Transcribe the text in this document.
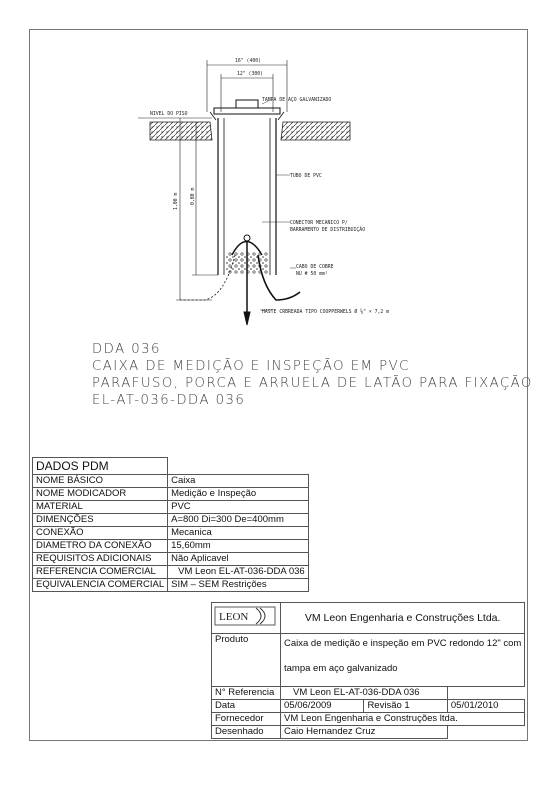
16" (400)
12" (300)
TAMPA DE AÇO GALVANIZADO
NIVEL DO PISO
TUBO DE PVC
CONECTOR MECANICO P/
BARRAMENTO DE DISTRIBUIÇÃO
CABO DE COBRE
NU # 50 mm²
HASTE CRBREADA TIPO COOPPERWELS Ø ⅝" × 7,2 m
1,00 m	0,80 m
DDA 036
CAIXA DE MEDIÇÃO E INSPEÇÃO EM PVC
PARAFUSO, PORCA E ARRUELA DE LATÃO PARA FIXAÇÃO
EL-AT-036-DDA 036
DADOS PDM	
NOME BÁSICO	Caixa
NOME MODICADOR	Medição e Inspeção
MATERIAL	PVC
DIMENÇÕES	A=800 Di=300 De=400mm
CONEXÃO	Mecanica
DIAMETRO DA CONEXÃO	15,60mm
REQUISITOS ADICIONAIS	Não Aplicavel
REFERENCIA COMERCIAL	VM Leon EL-AT-036-DDA 036
EQUIVALENCIA COMERCIAL	SIM – SEM Restrições
LEON	VM Leon Engenharia e Construções Ltda.		
Produto	Caixa de medição e inspeção em PVC redondo 12" com
tampa em aço galvanizado		

N° Referencia	VM Leon EL-AT-036-DDA 036		
Data	05/06/2009	Revisão 1	05/01/2010
Fornecedor	VM Leon Engenharia e Construções ltda.		
Desenhado	Caio Hernandez Cruz		
